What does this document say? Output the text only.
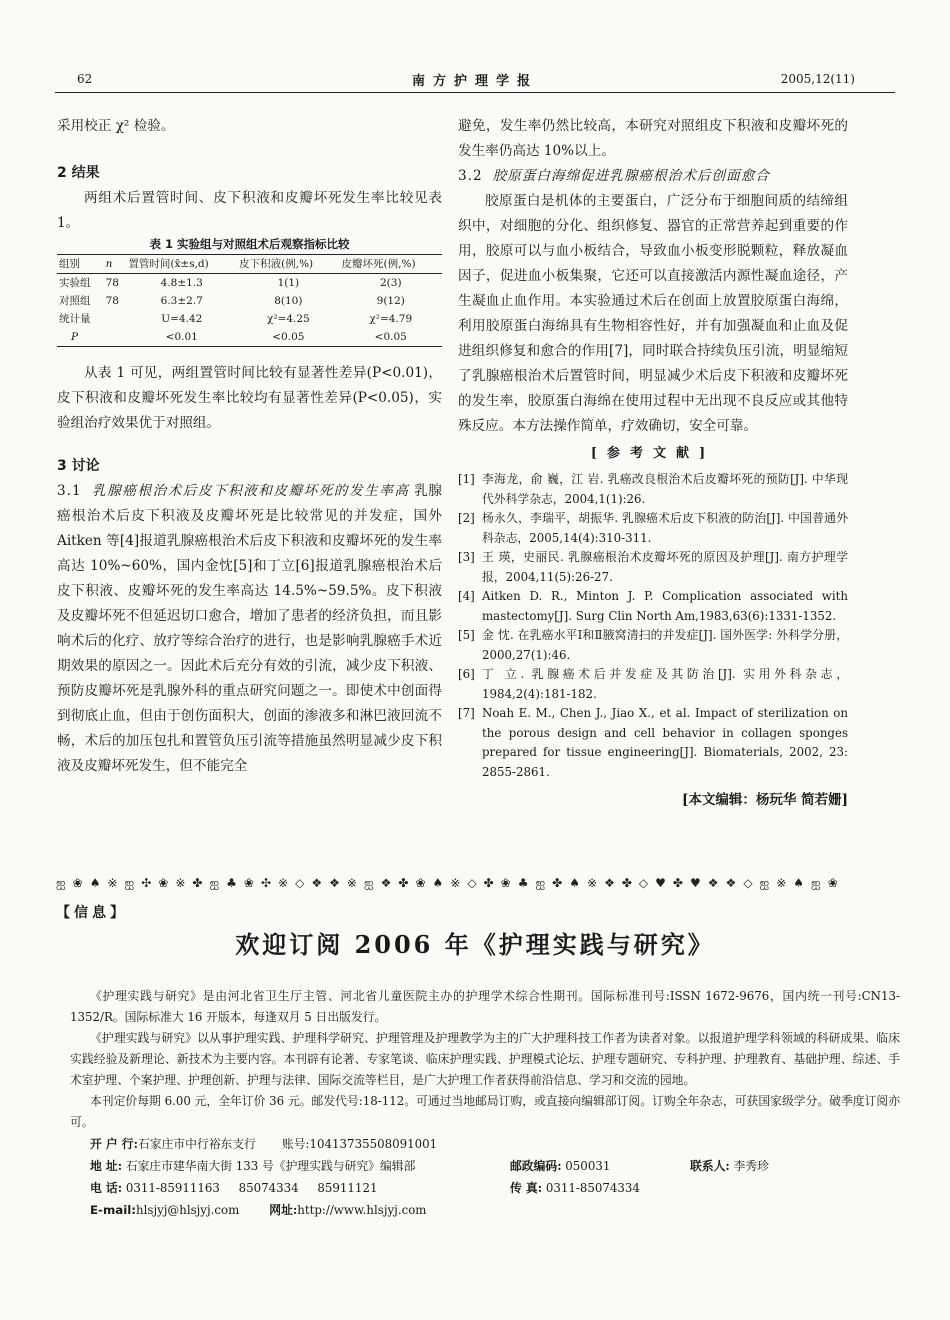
62	南方护理学报	2005,12(11)

采用校正 χ² 检验。

2 结果

两组术后置管时间、皮下积液和皮瓣坏死发生率比较见表 1。

表 1 实验组与对照组术后观察指标比较
组别	n	置管时间(x̄±s,d)	皮下积液(例,%)	皮瓣坏死(例,%)
实验组	78	4.8±1.3	1(1)	2(3)
对照组	78	6.3±2.7	8(10)	9(12)
统计量		U=4.42	χ²=4.25	χ²=4.79
P		<0.01	<0.05	<0.05

从表 1 可见，两组置管时间比较有显著性差异(P<0.01)，皮下积液和皮瓣坏死发生率比较均有显著性差异(P<0.05)，实验组治疗效果优于对照组。

3 讨论

3.1 乳腺癌根治术后皮下积液和皮瓣坏死的发生率高 乳腺癌根治术后皮下积液及皮瓣坏死是比较常见的并发症，国外 Aitken 等[4]报道乳腺癌根治术后皮下积液和皮瓣坏死的发生率高达 10%~60%，国内金忱[5]和丁立[6]报道乳腺癌根治术后皮下积液、皮瓣坏死的发生率高达 14.5%~59.5%。皮下积液及皮瓣坏死不但延迟切口愈合，增加了患者的经济负担，而且影响术后的化疗、放疗等综合治疗的进行，也是影响乳腺癌手术近期效果的原因之一。因此术后充分有效的引流，减少皮下积液、预防皮瓣坏死是乳腺外科的重点研究问题之一。即使术中创面得到彻底止血，但由于创伤面积大，创面的渗液多和淋巴液回流不畅，术后的加压包扎和置管负压引流等措施虽然明显减少皮下积液及皮瓣坏死发生，但不能完全

避免，发生率仍然比较高，本研究对照组皮下积液和皮瓣坏死的发生率仍高达 10%以上。

3.2 胶原蛋白海绵促进乳腺癌根治术后创面愈合

胶原蛋白是机体的主要蛋白，广泛分布于细胞间质的结缔组织中，对细胞的分化、组织修复、器官的正常营养起到重要的作用，胶原可以与血小板结合，导致血小板变形脱颗粒，释放凝血因子，促进血小板集聚，它还可以直接激活内源性凝血途径，产生凝血止血作用。本实验通过术后在创面上放置胶原蛋白海绵，利用胶原蛋白海绵具有生物相容性好，并有加强凝血和止血及促进组织修复和愈合的作用[7]，同时联合持续负压引流，明显缩短了乳腺癌根治术后置管时间，明显减少术后皮下积液和皮瓣坏死的发生率，胶原蛋白海绵在使用过程中无出现不良反应或其他特殊反应。本方法操作简单，疗效确切，安全可靠。

[参考文献]
[1] 李海龙，俞 巍，江 岩. 乳癌改良根治术后皮瓣坏死的预防[J]. 中华现代外科学杂志，2004,1(1):26.
[2] 杨永久，李瑞平，胡振华. 乳腺癌术后皮下积液的防治[J]. 中国普通外科杂志，2005,14(4):310-311.
[3] 王 瑛，史丽民. 乳腺癌根治术皮瓣坏死的原因及护理[J]. 南方护理学报，2004,11(5):26-27.
[4] Aitken D. R., Minton J. P. Complication associated with mastectomy[J]. Surg Clin North Am,1983,63(6):1331-1352.
[5] 金 忱. 在乳癌水平Ⅰ和Ⅱ腋窝清扫的并发症[J]. 国外医学: 外科学分册，2000,27(1):46.
[6] 丁 立. 乳腺癌术后并发症及其防治[J]. 实用外科杂志，1984,2(4):181-182.
[7] Noah E. M., Chen J., Jiao X., et al. Impact of sterilization on the porous design and cell behavior in collagen sponges prepared for tissue engineering[J]. Biomaterials, 2002, 23: 2855-2861.
[本文编辑：杨玩华 简若姗]
ஐ ❀ ♠ ※ ஐ ✣ ❀ ※ ✤ ஐ ♣ ❀ ✣ ※ ◇ ❖ ❖ ※ ஐ ❖ ✤ ❀ ♠ ※ ◇ ✤ ❀ ♣ ஐ ✤ ♠ ※ ❖ ✤ ◇ ♥ ✤ ♥ ❖ ❖ ◇ ஐ ※ ♠ ஐ ❀
【信息】
欢迎订阅 2006 年《护理实践与研究》

《护理实践与研究》是由河北省卫生厅主管、河北省儿童医院主办的护理学术综合性期刊。国际标准刊号:ISSN 1672-9676，国内统一刊号:CN13-1352/R。国际标准大 16 开版本，每逢双月 5 日出版发行。

《护理实践与研究》以从事护理实践、护理科学研究、护理管理及护理教学为主的广大护理科技工作者为读者对象。以报道护理学科领域的科研成果、临床实践经验及新理论、新技术为主要内容。本刊辟有论著、专家笔谈、临床护理实践、护理模式论坛、护理专题研究、专科护理、护理教育、基础护理、综述、手术室护理、个案护理、护理创新、护理与法律、国际交流等栏目，是广大护理工作者获得前沿信息、学习和交流的园地。

本刊定价每期 6.00 元，全年订价 36 元。邮发代号:18-112。可通过当地邮局订购，或直接向编辑部订阅。订购全年杂志，可获国家级学分。破季度订阅亦可。

开 户 行: 石家庄市中行裕东支行 账号: 10413735508091001
地 址: 石家庄市建华南大街 133 号《护理实践与研究》编辑部	邮政编码: 050031	联系人: 李秀珍
电 话: 0311-85911163     85074334     85911121	传 真: 0311-85074334
E-mail: hlsjyj@hlsjyj.com	网址: http://www.hlsjyj.com
